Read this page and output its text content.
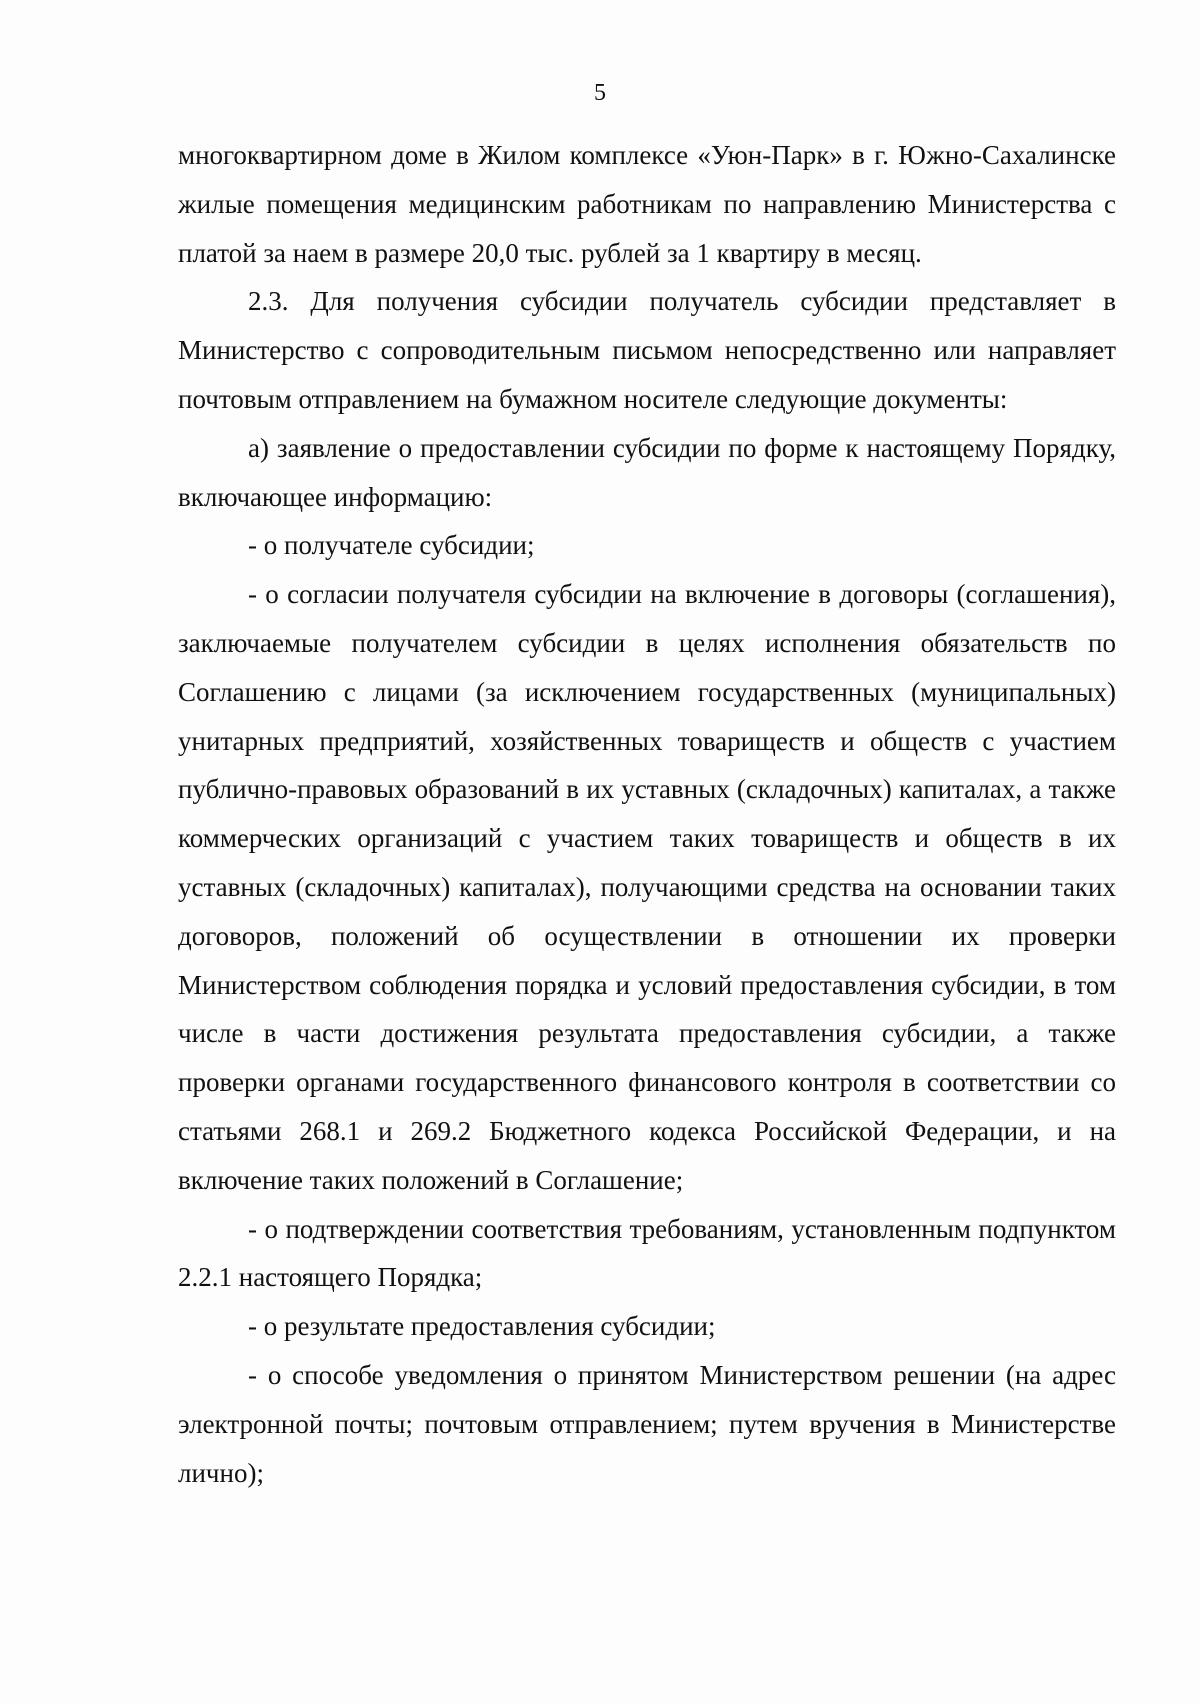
5

многоквартирном доме в Жилом комплексе «Уюн-Парк» в г. Южно-Сахалинске жилые помещения медицинским работникам по направлению Министерства с платой за наем в размере 20,0 тыс. рублей за 1 квартиру в месяц.

2.3. Для получения субсидии получатель субсидии представляет в Министерство с сопроводительным письмом непосредственно или направляет почтовым отправлением на бумажном носителе следующие документы:

а) заявление о предоставлении субсидии по форме к настоящему Порядку, включающее информацию:

- о получателе субсидии;

- о согласии получателя субсидии на включение в договоры (соглашения), заключаемые получателем субсидии в целях исполнения обязательств по Соглашению с лицами (за исключением государственных (муниципальных) унитарных предприятий, хозяйственных товариществ и обществ с участием публично-правовых образований в их уставных (складочных) капиталах, а также коммерческих организаций с участием таких товариществ и обществ в их уставных (складочных) капиталах), получающими средства на основании таких договоров, положений об осуществлении в отношении их проверки Министерством соблюдения порядка и условий предоставления субсидии, в том числе в части достижения результата предоставления субсидии, а также проверки органами государственного финансового контроля в соответствии со статьями 268.1 и 269.2 Бюджетного кодекса Российской Федерации, и на включение таких положений в Соглашение;

- о подтверждении соответствия требованиям, установленным подпунктом 2.2.1 настоящего Порядка;

- о результате предоставления субсидии;

- о способе уведомления о принятом Министерством решении (на адрес электронной почты; почтовым отправлением; путем вручения в Министерстве лично);
